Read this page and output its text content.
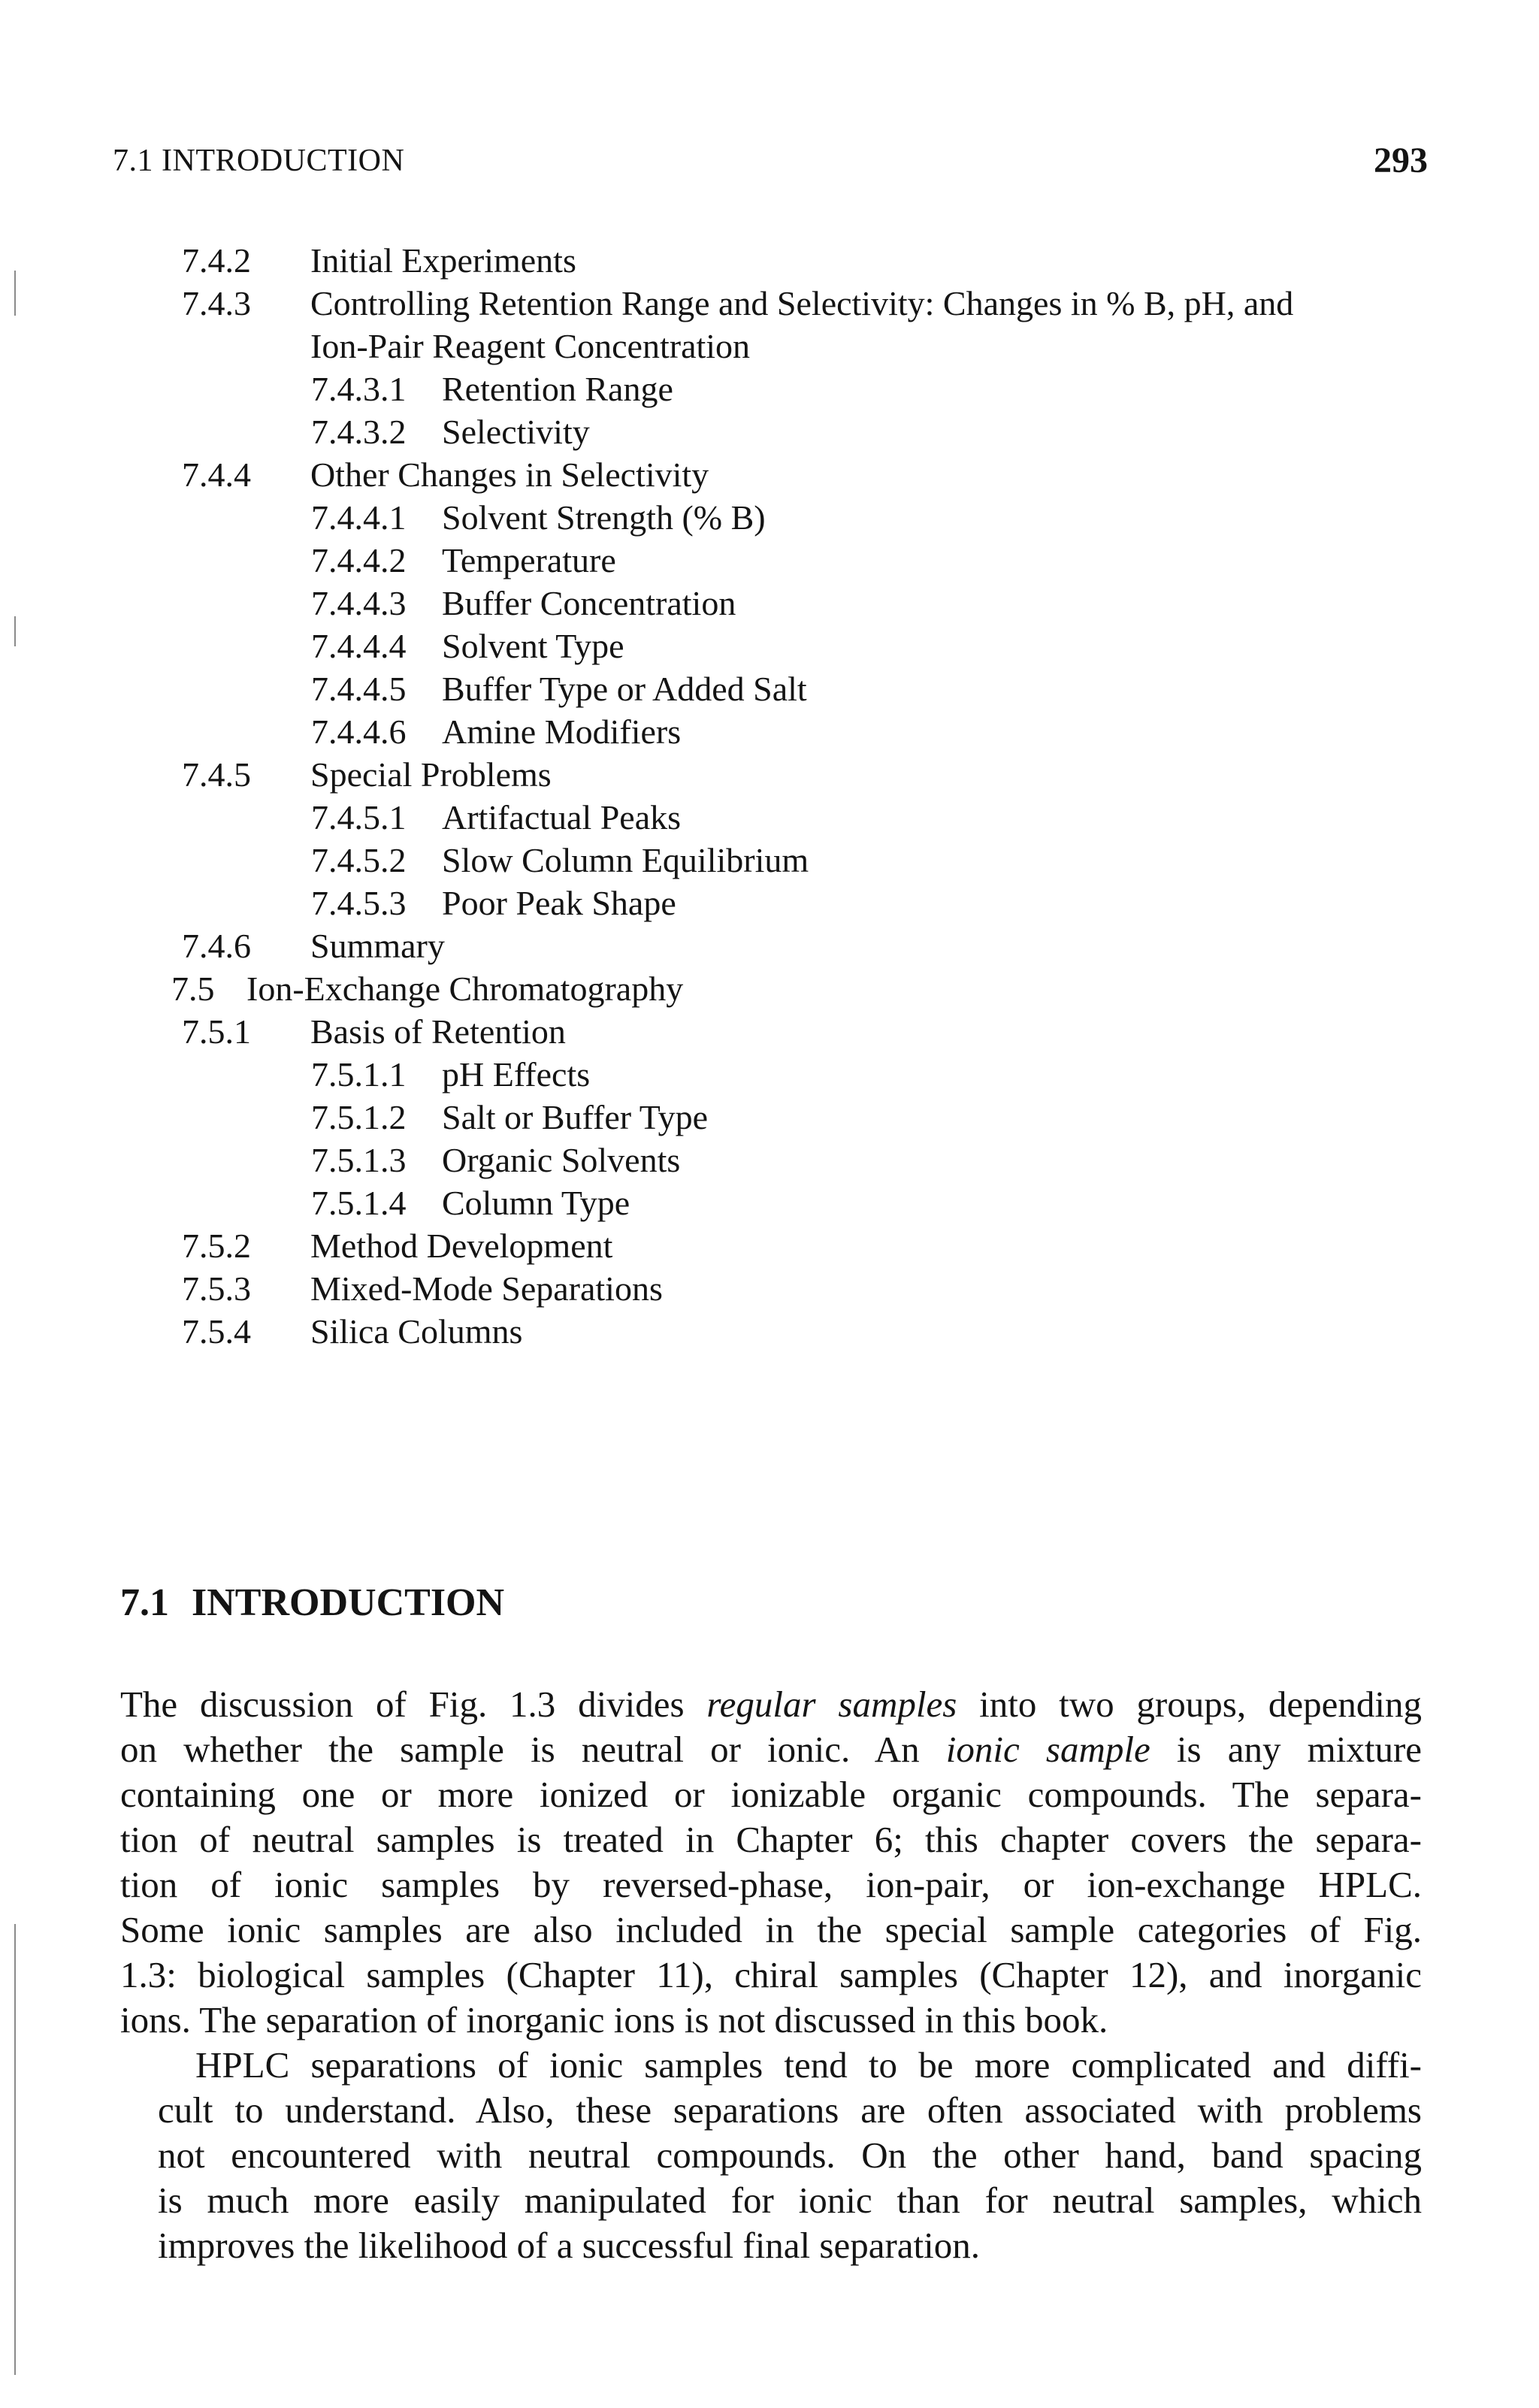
7.1 INTRODUCTION	293
7.4.2 Initial Experiments
7.4.3 Controlling Retention Range and Selectivity: Changes in % B, pH, and
Ion-Pair Reagent Concentration
7.4.3.1 Retention Range
7.4.3.2 Selectivity
7.4.4 Other Changes in Selectivity
7.4.4.1 Solvent Strength (% B)
7.4.4.2 Temperature
7.4.4.3 Buffer Concentration
7.4.4.4 Solvent Type
7.4.4.5 Buffer Type or Added Salt
7.4.4.6 Amine Modifiers
7.4.5 Special Problems
7.4.5.1 Artifactual Peaks
7.4.5.2 Slow Column Equilibrium
7.4.5.3 Poor Peak Shape
7.4.6 Summary
7.5 Ion-Exchange Chromatography
7.5.1 Basis of Retention
7.5.1.1 pH Effects
7.5.1.2 Salt or Buffer Type
7.5.1.3 Organic Solvents
7.5.1.4 Column Type
7.5.2 Method Development
7.5.3 Mixed-Mode Separations
7.5.4 Silica Columns
7.1 INTRODUCTION
The discussion of Fig. 1.3 divides regular samples into two groups, depending
on whether the sample is neutral or ionic. An ionic sample is any mixture
containing one or more ionized or ionizable organic compounds. The separa-
tion of neutral samples is treated in Chapter 6; this chapter covers the separa-
tion of ionic samples by reversed-phase, ion-pair, or ion-exchange HPLC.
Some ionic samples are also included in the special sample categories of Fig.
1.3: biological samples (Chapter 11), chiral samples (Chapter 12), and inorganic
ions. The separation of inorganic ions is not discussed in this book.
HPLC separations of ionic samples tend to be more complicated and diffi-
cult to understand. Also, these separations are often associated with problems
not encountered with neutral compounds. On the other hand, band spacing
is much more easily manipulated for ionic than for neutral samples, which
improves the likelihood of a successful final separation.
